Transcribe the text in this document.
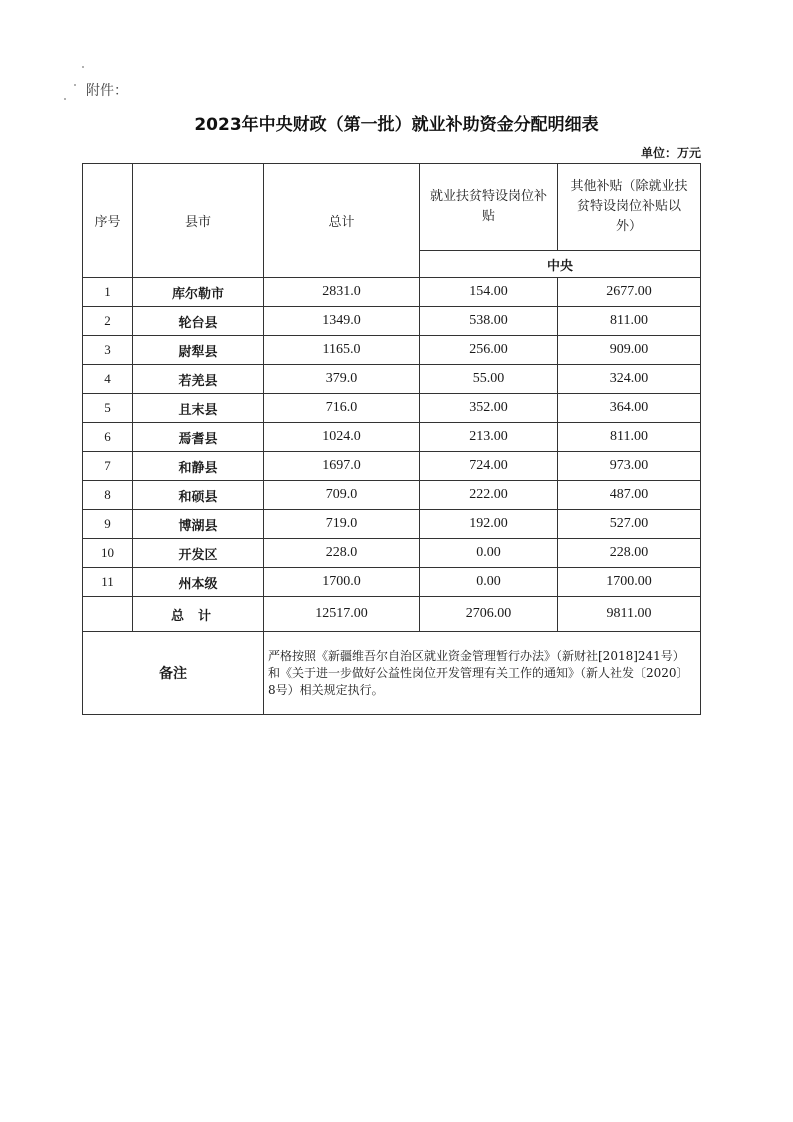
附件：
2023年中央财政（第一批）就业补助资金分配明细表
单位：万元
序号	县市	总计	就业扶贫特设岗位补贴	其他补贴（除就业扶贫特设岗位补贴以外）
			中央	
1	库尔勒市	2831.0	154.00	2677.00
2	轮台县	1349.0	538.00	811.00
3	尉犁县	1165.0	256.00	909.00
4	若羌县	379.0	55.00	324.00
5	且末县	716.0	352.00	364.00
6	焉耆县	1024.0	213.00	811.00
7	和静县	1697.0	724.00	973.00
8	和硕县	709.0	222.00	487.00
9	博湖县	719.0	192.00	527.00
10	开发区	228.0	0.00	228.00
11	州本级	1700.0	0.00	1700.00
	总计	12517.00	2706.00	9811.00
备注		严格按照《新疆维吾尔自治区就业资金管理暂行办法》（新财社[2018]241号）和《关于进一步做好公益性岗位开发管理有关工作的通知》（新人社发〔2020〕8号）相关规定执行。		
